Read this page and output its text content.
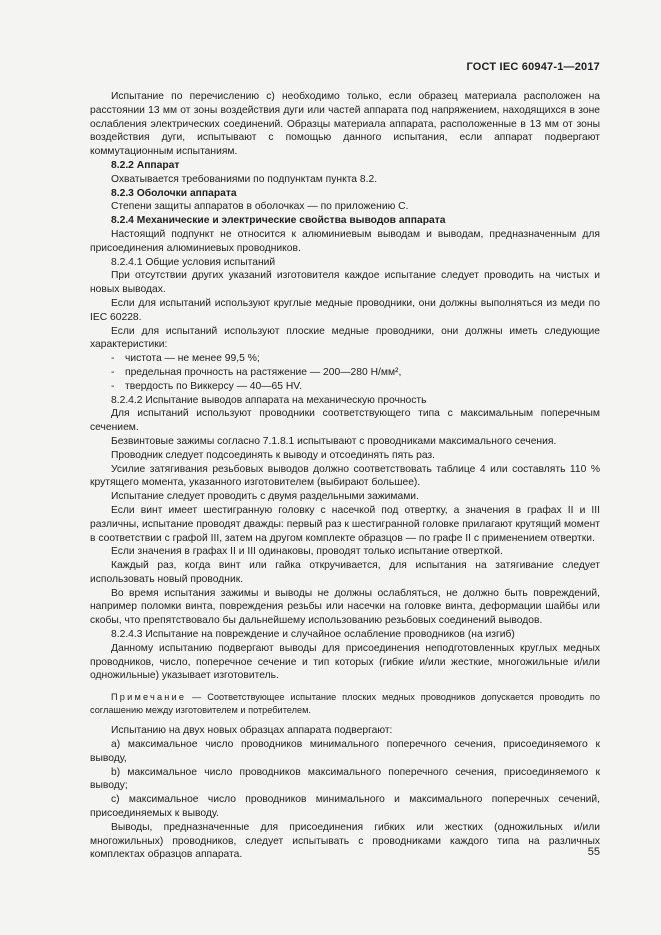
ГОСТ IEC 60947-1—2017

Испытание по перечислению c) необходимо только, если образец материала расположен на расстоянии 13 мм от зоны воздействия дуги или частей аппарата под напряжением, находящихся в зоне ослабления электрических соединений. Образцы материала аппарата, расположенные в 13 мм от зоны воздействия дуги, испытывают с помощью данного испытания, если аппарат подвергают коммутационным испытаниям.

8.2.2 Аппарат

Охватывается требованиями по подпунктам пункта 8.2.

8.2.3 Оболочки аппарата

Степени защиты аппаратов в оболочках — по приложению C.

8.2.4 Механические и электрические свойства выводов аппарата

Настоящий подпункт не относится к алюминиевым выводам и выводам, предназначенным для присоединения алюминиевых проводников.

8.2.4.1 Общие условия испытаний

При отсутствии других указаний изготовителя каждое испытание следует проводить на чистых и новых выводах.

Если для испытаний используют круглые медные проводники, они должны выполняться из меди по IEC 60228.

Если для испытаний используют плоские медные проводники, они должны иметь следующие характеристики:

- чистота — не менее 99,5 %;

- предельная прочность на растяжение — 200—280 Н/мм²,

- твердость по Виккерсу — 40—65 HV.

8.2.4.2 Испытание выводов аппарата на механическую прочность

Для испытаний используют проводники соответствующего типа с максимальным поперечным сечением.

Безвинтовые зажимы согласно 7.1.8.1 испытывают с проводниками максимального сечения.

Проводник следует подсоединять к выводу и отсоединять пять раз.

Усилие затягивания резьбовых выводов должно соответствовать таблице 4 или составлять 110 % крутящего момента, указанного изготовителем (выбирают большее).

Испытание следует проводить с двумя раздельными зажимами.

Если винт имеет шестигранную головку с насечкой под отвертку, а значения в графах II и III различны, испытание проводят дважды: первый раз к шестигранной головке прилагают крутящий момент в соответствии с графой III, затем на другом комплекте образцов — по графе II с применением отвертки.

Если значения в графах II и III одинаковы, проводят только испытание отверткой.

Каждый раз, когда винт или гайка откручивается, для испытания на затягивание следует использовать новый проводник.

Во время испытания зажимы и выводы не должны ослабляться, не должно быть повреждений, например поломки винта, повреждения резьбы или насечки на головке винта, деформации шайбы или скобы, что препятствовало бы дальнейшему использованию резьбовых соединений выводов.

8.2.4.3 Испытание на повреждение и случайное ослабление проводников (на изгиб)

Данному испытанию подвергают выводы для присоединения неподготовленных круглых медных проводников, число, поперечное сечение и тип которых (гибкие и/или жесткие, многожильные и/или одножильные) указывает изготовитель.

Примечание — Соответствующее испытание плоских медных проводников допускается проводить по соглашению между изготовителем и потребителем.

Испытанию на двух новых образцах аппарата подвергают:

a) максимальное число проводников минимального поперечного сечения, присоединяемого к выводу,

b) максимальное число проводников максимального поперечного сечения, присоединяемого к выводу;

c) максимальное число проводников минимального и максимального поперечных сечений, присоединяемых к выводу.

Выводы, предназначенные для присоединения гибких или жестких (одножильных и/или многожильных) проводников, следует испытывать с проводниками каждого типа на различных комплектах образцов аппарата.	55
